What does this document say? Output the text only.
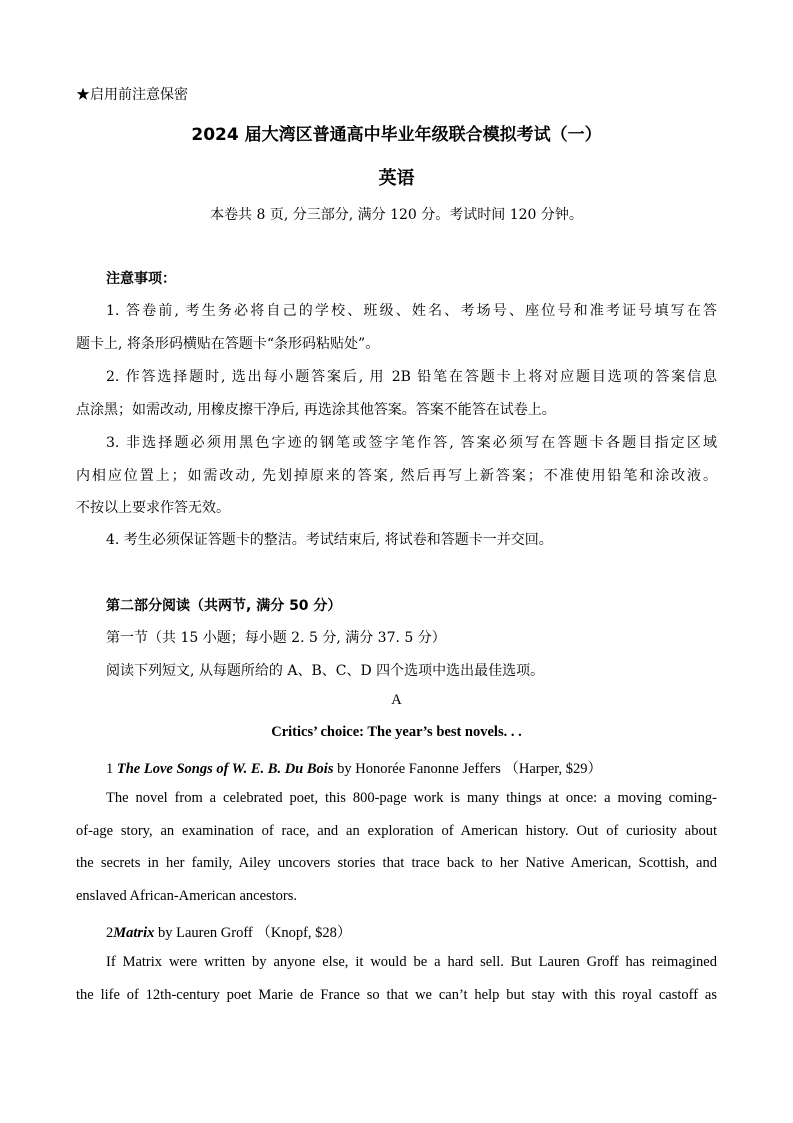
★启用前注意保密
2024 届大湾区普通高中毕业年级联合模拟考试（一）
英语
本卷共 8 页, 分三部分, 满分 120 分。考试时间 120 分钟。
注意事项：
1. 答卷前, 考生务必将自己的学校、班级、姓名、考场号、座位号和准考证号填写在答
题卡上, 将条形码横贴在答题卡“条形码粘贴处”。
2. 作答选择题时, 选出每小题答案后, 用 2B 铅笔在答题卡上将对应题目选项的答案信息
点涂黑；如需改动, 用橡皮擦干净后, 再选涂其他答案。答案不能答在试卷上。
3. 非选择题必须用黑色字迹的钢笔或签字笔作答, 答案必须写在答题卡各题目指定区域
内相应位置上；如需改动, 先划掉原来的答案, 然后再写上新答案；不准使用铅笔和涂改液。
不按以上要求作答无效。
4. 考生必须保证答题卡的整洁。考试结束后, 将试卷和答题卡一并交回。
第二部分阅读（共两节, 满分 50 分）
第一节（共 15 小题；每小题 2. 5 分, 满分 37. 5 分）
阅读下列短文, 从每题所给的 A、B、C、D 四个选项中选出最佳选项。
A
Critics’ choice: The year’s best novels. . .
1 The Love Songs of W. E. B. Du Bois by Honorée Fanonne Jeffers （Harper, $29）
The novel from a celebrated poet, this 800-page work is many things at once: a moving coming-
of-age story, an examination of race, and an exploration of American history. Out of curiosity about
the secrets in her family, Ailey uncovers stories that trace back to her Native American, Scottish, and
enslaved African-American ancestors.
2Matrix by Lauren Groff （Knopf, $28）
If Matrix were written by anyone else, it would be a hard sell. But Lauren Groff has reimagined
the life of 12th-century poet Marie de France so that we can’t help but stay with this royal castoff as
